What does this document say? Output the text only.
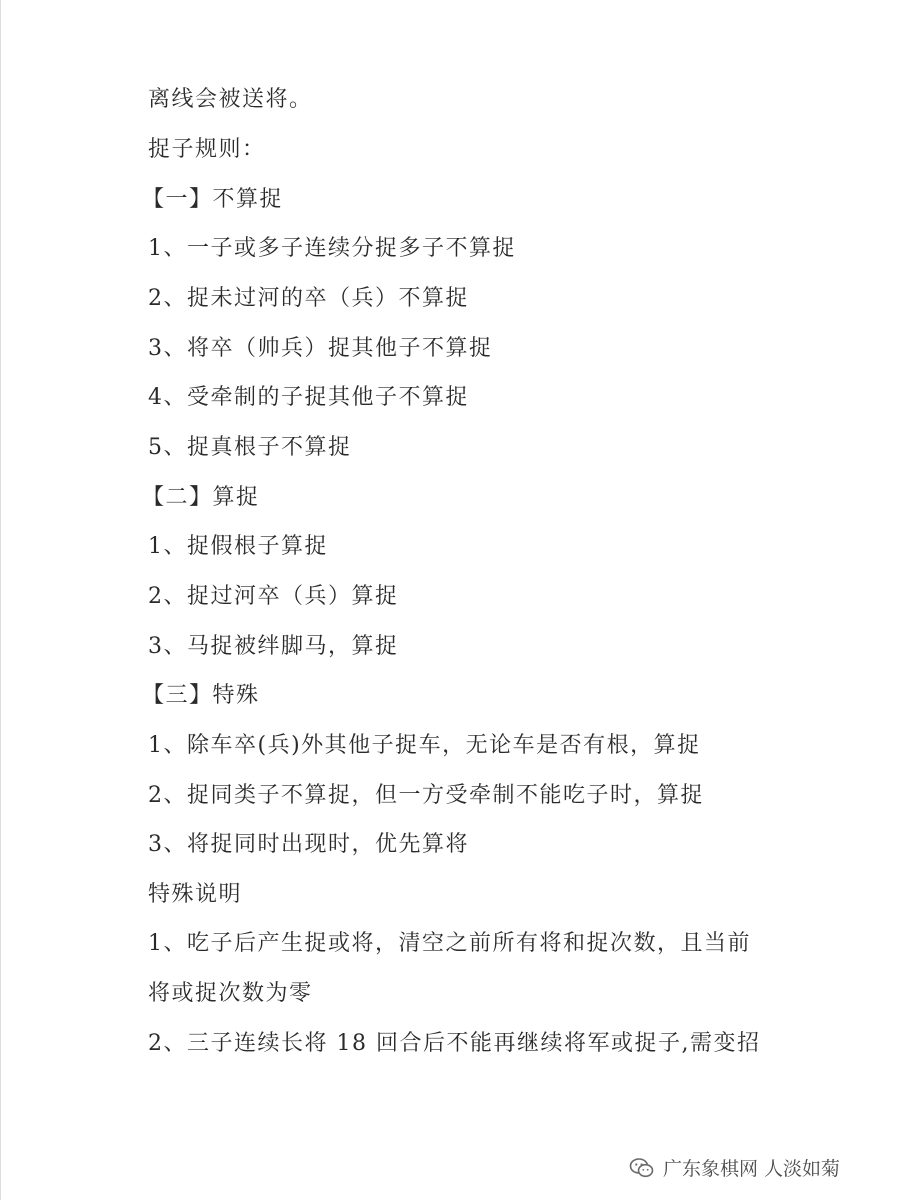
离线会被送将。
捉子规则：
【一】不算捉
1、一子或多子连续分捉多子不算捉
2、捉未过河的卒（兵）不算捉
3、将卒（帅兵）捉其他子不算捉
4、受牵制的子捉其他子不算捉
5、捉真根子不算捉
【二】算捉
1、捉假根子算捉
2、捉过河卒（兵）算捉
3、马捉被绊脚马，算捉
【三】特殊
1、除车卒(兵)外其他子捉车，无论车是否有根，算捉
2、捉同类子不算捉，但一方受牵制不能吃子时，算捉
3、将捉同时出现时，优先算将
特殊说明
1、吃子后产生捉或将，清空之前所有将和捉次数，且当前
将或捉次数为零
2、三子连续长将 18 回合后不能再继续将军或捉子,需变招
广东象棋网 人淡如菊
